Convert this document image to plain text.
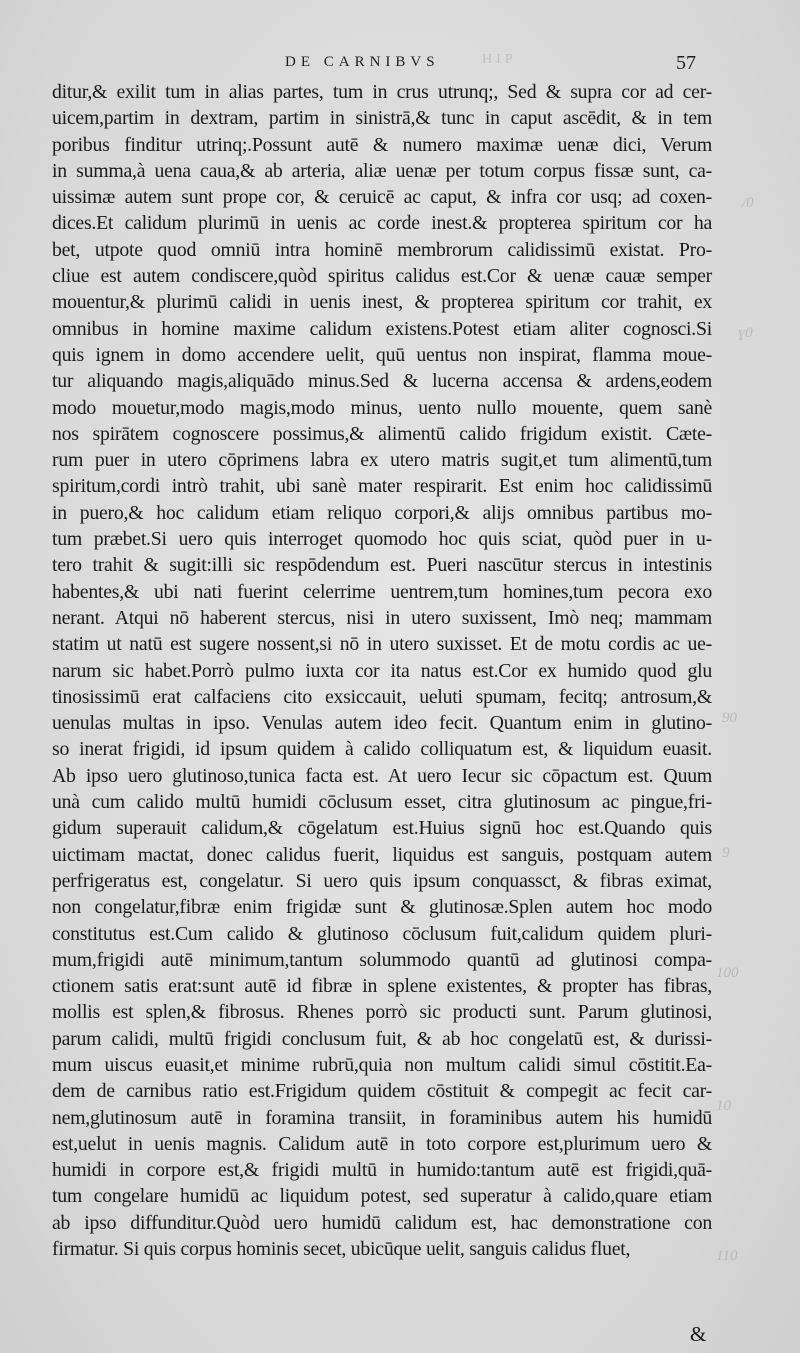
HIP
DE CARNIBVS	57
ditur,& exilit tum in alias partes, tum in crus utrunq;, Sed & supra cor ad cer-
uicem,partim in dextram, partim in sinistrā,& tunc in caput ascēdit, & in tem
poribus finditur utrinq;.Possunt autē & numero maximæ uenæ dici, Verum
in summa,à uena caua,& ab arteria, aliæ uenæ per totum corpus fissæ sunt, ca-
uissimæ autem sunt prope cor, & ceruicē ac caput, & infra cor usq; ad coxen-
dices.Et calidum plurimū in uenis ac corde inest.& propterea spiritum cor ha
bet, utpote quod omniū intra hominē membrorum calidissimū existat. Pro-
cliue est autem condiscere,quòd spiritus calidus est.Cor & uenæ cauæ semper
mouentur,& plurimū calidi in uenis inest, & propterea spiritum cor trahit, ex
omnibus in homine maxime calidum existens.Potest etiam aliter cognosci.Si
quis ignem in domo accendere uelit, quū uentus non inspirat, flamma moue-
tur aliquando magis,aliquādo minus.Sed & lucerna accensa & ardens,eodem
modo mouetur,modo magis,modo minus, uento nullo mouente, quem sanè
nos spirātem cognoscere possimus,& alimentū calido frigidum existit. Cæte-
rum puer in utero cōprimens labra ex utero matris sugit,et tum alimentū,tum
spiritum,cordi intrò trahit, ubi sanè mater respirarit. Est enim hoc calidissimū
in puero,& hoc calidum etiam reliquo corpori,& alijs omnibus partibus mo-
tum præbet.Si uero quis interroget quomodo hoc quis sciat, quòd puer in u-
tero trahit & sugit:illi sic respōdendum est. Pueri nascūtur stercus in intestinis
habentes,& ubi nati fuerint celerrime uentrem,tum homines,tum pecora exo
nerant. Atqui nō haberent stercus, nisi in utero suxissent, Imò neq; mammam
statim ut natū est sugere nossent,si nō in utero suxisset. Et de motu cordis ac ue-
narum sic habet.Porrò pulmo iuxta cor ita natus est.Cor ex humido quod glu
tinosissimū erat calfaciens cito exsiccauit, ueluti spumam, fecitq; antrosum,&
uenulas multas in ipso. Venulas autem ideo fecit. Quantum enim in glutino-
so inerat frigidi, id ipsum quidem à calido colliquatum est, & liquidum euasit.
Ab ipso uero glutinoso,tunica facta est. At uero Iecur sic cōpactum est. Quum
unà cum calido multū humidi cōclusum esset, citra glutinosum ac pingue,fri-
gidum superauit calidum,& cōgelatum est.Huius signū hoc est.Quando quis
uictimam mactat, donec calidus fuerit, liquidus est sanguis, postquam autem
perfrigeratus est, congelatur. Si uero quis ipsum conquassct, & fibras eximat,
non congelatur,fibræ enim frigidæ sunt & glutinosæ.Splen autem hoc modo
constitutus est.Cum calido & glutinoso cōclusum fuit,calidum quidem pluri-
mum,frigidi autē minimum,tantum solummodo quantū ad glutinosi compa-
ctionem satis erat:sunt autē id fibræ in splene existentes, & propter has fibras,
mollis est splen,& fibrosus. Rhenes porrò sic producti sunt. Parum glutinosi,
parum calidi, multū frigidi conclusum fuit, & ab hoc congelatū est, & durissi-
mum uiscus euasit,et minime rubrū,quia non multum calidi simul cōstitit.Ea-
dem de carnibus ratio est.Frigidum quidem cōstituit & compegit ac fecit car-
nem,glutinosum autē in foramina transiit, in foraminibus autem his humidū
est,uelut in uenis magnis. Calidum autē in toto corpore est,plurimum uero &
humidi in corpore est,& frigidi multū in humido:tantum autē est frigidi,quā-
tum congelare humidū ac liquidum potest, sed superatur à calido,quare etiam
ab ipso diffunditur.Quòd uero humidū calidum est, hac demonstratione con
firmatur. Si quis corpus hominis secet, ubicūque uelit, sanguis calidus fluet,
&
/0
ɣ0
90
9
100
10
110
